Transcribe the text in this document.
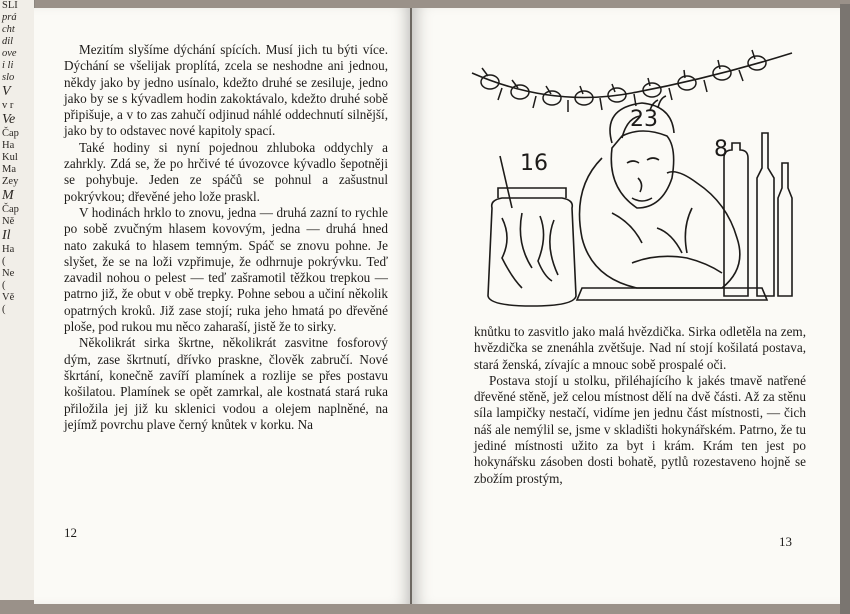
SLI
prá
cht
dil
ove
i li
slo
V
v r
Ve
Čap
Ha
Kul
Ma
Zey
M
Čap
Ně
Il
Ha
(
Ne
(
Vě
(

Mezitím slyšíme dýchání spících. Musí jich tu býti více. Dýchání se všelijak proplítá, zcela se neshodne ani jednou, někdy jako by jedno usínalo, kdežto druhé se zesiluje, jedno jako by se s kývadlem hodin zakoktávalo, kdežto druhé sobě připišuje, a v to zas zahučí odjinud náhlé oddechnutí silnější, jako by to odstavec nové kapitoly spací.

Také hodiny si nyní pojednou zhluboka oddychly a zahrkly. Zdá se, že po hrčivé té úvozovce kývadlo šepotněji se pohybuje. Jeden ze spáčů se pohnul a zašustnul pokrývkou; dřevěné jeho lože praskl.

V hodinách hrklo to znovu, jedna — druhá zazní to rychle po sobě zvučným hlasem kovovým, jedna — druhá hned nato zakuká to hlasem temným. Spáč se znovu pohne. Je slyšet, že se na loži vzpřimuje, že odhrnuje pokrývku. Teď zavadil nohou o pelest — teď zašramotil těžkou trepkou — patrno již, že obut v obě trepky. Pohne sebou a učiní několik opatrných kroků. Již zase stojí; ruka jeho hmatá po dřevěné ploše, pod rukou mu něco zaharaší, jistě že to sirky.

Několikrát sirka škrtne, několikrát zasvitne fosforový dým, zase škrtnutí, dřívko praskne, člověk zabručí. Nové škrtání, konečně zavíří plamínek a rozlije se přes postavu košilatou. Plamínek se opět zamrkal, ale kostnatá stará ruka přiložila jej již ku sklenici vodou a olejem naplněné, na jejímž povrchu plave černý knůtek v korku. Na

12
16
23
8

knůtku to zasvitlo jako malá hvězdička. Sirka odletěla na zem, hvězdička se znenáhla zvětšuje. Nad ní stojí košilatá postava, stará ženská, zívajíc a mnouc sobě prospalé oči.

Postava stojí u stolku, přiléhajícího k jakés tmavě natřené dřevěné stěně, jež celou místnost dělí na dvě části. Až za stěnu síla lampičky nestačí, vidíme jen jednu část místnosti, — čich náš ale nemýlil se, jsme v skladišti hokynářském. Patrno, že tu jediné místnosti užito za byt i krám. Krám ten jest po hokynářsku zásoben dosti bohatě, pytlů rozestaveno hojně se zbožím prostým,

13
